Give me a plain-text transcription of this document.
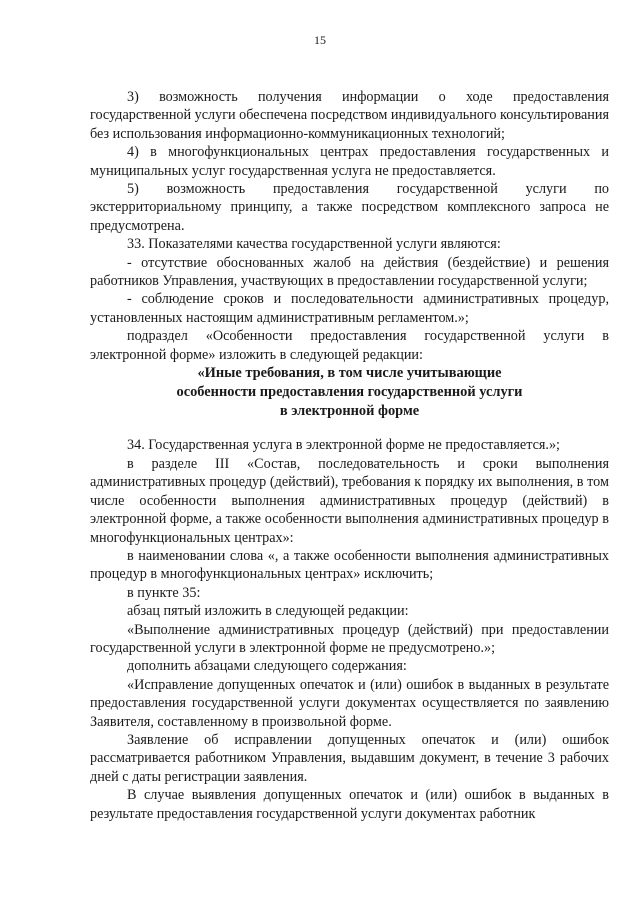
15

3) возможность получения информации о ходе предоставления государственной услуги обеспечена посредством индивидуального консультирования без использования информационно-коммуникационных технологий;

4) в многофункциональных центрах предоставления государственных и муниципальных услуг государственная услуга не предоставляется.

5) возможность предоставления государственной услуги по экстерриториальному принципу, а также посредством комплексного запроса не предусмотрена.

33. Показателями качества государственной услуги являются:

- отсутствие обоснованных жалоб на действия (бездействие) и решения работников Управления, участвующих в предоставлении государственной услуги;

- соблюдение сроков и последовательности административных процедур, установленных настоящим административным регламентом.»;

подраздел «Особенности предоставления государственной услуги в электронной форме» изложить в следующей редакции:

«Иные требования, в том числе учитывающие

особенности предоставления государственной услуги

в электронной форме

34. Государственная услуга в электронной форме не предоставляется.»;

в разделе III «Состав, последовательность и сроки выполнения административных процедур (действий), требования к порядку их выполнения, в том числе особенности выполнения административных процедур (действий) в электронной форме, а также особенности выполнения административных процедур в многофункциональных центрах»:

в наименовании слова «, а также особенности выполнения административных процедур в многофункциональных центрах» исключить;

в пункте 35:

абзац пятый изложить в следующей редакции:

«Выполнение административных процедур (действий) при предоставлении государственной услуги в электронной форме не предусмотрено.»;

дополнить абзацами следующего содержания:

«Исправление допущенных опечаток и (или) ошибок в выданных в результате предоставления государственной услуги документах осуществляется по заявлению Заявителя, составленному в произвольной форме.

Заявление об исправлении допущенных опечаток и (или) ошибок рассматривается работником Управления, выдавшим документ, в течение 3 рабочих дней с даты регистрации заявления.

В случае выявления допущенных опечаток и (или) ошибок в выданных в результате предоставления государственной услуги документах работник
